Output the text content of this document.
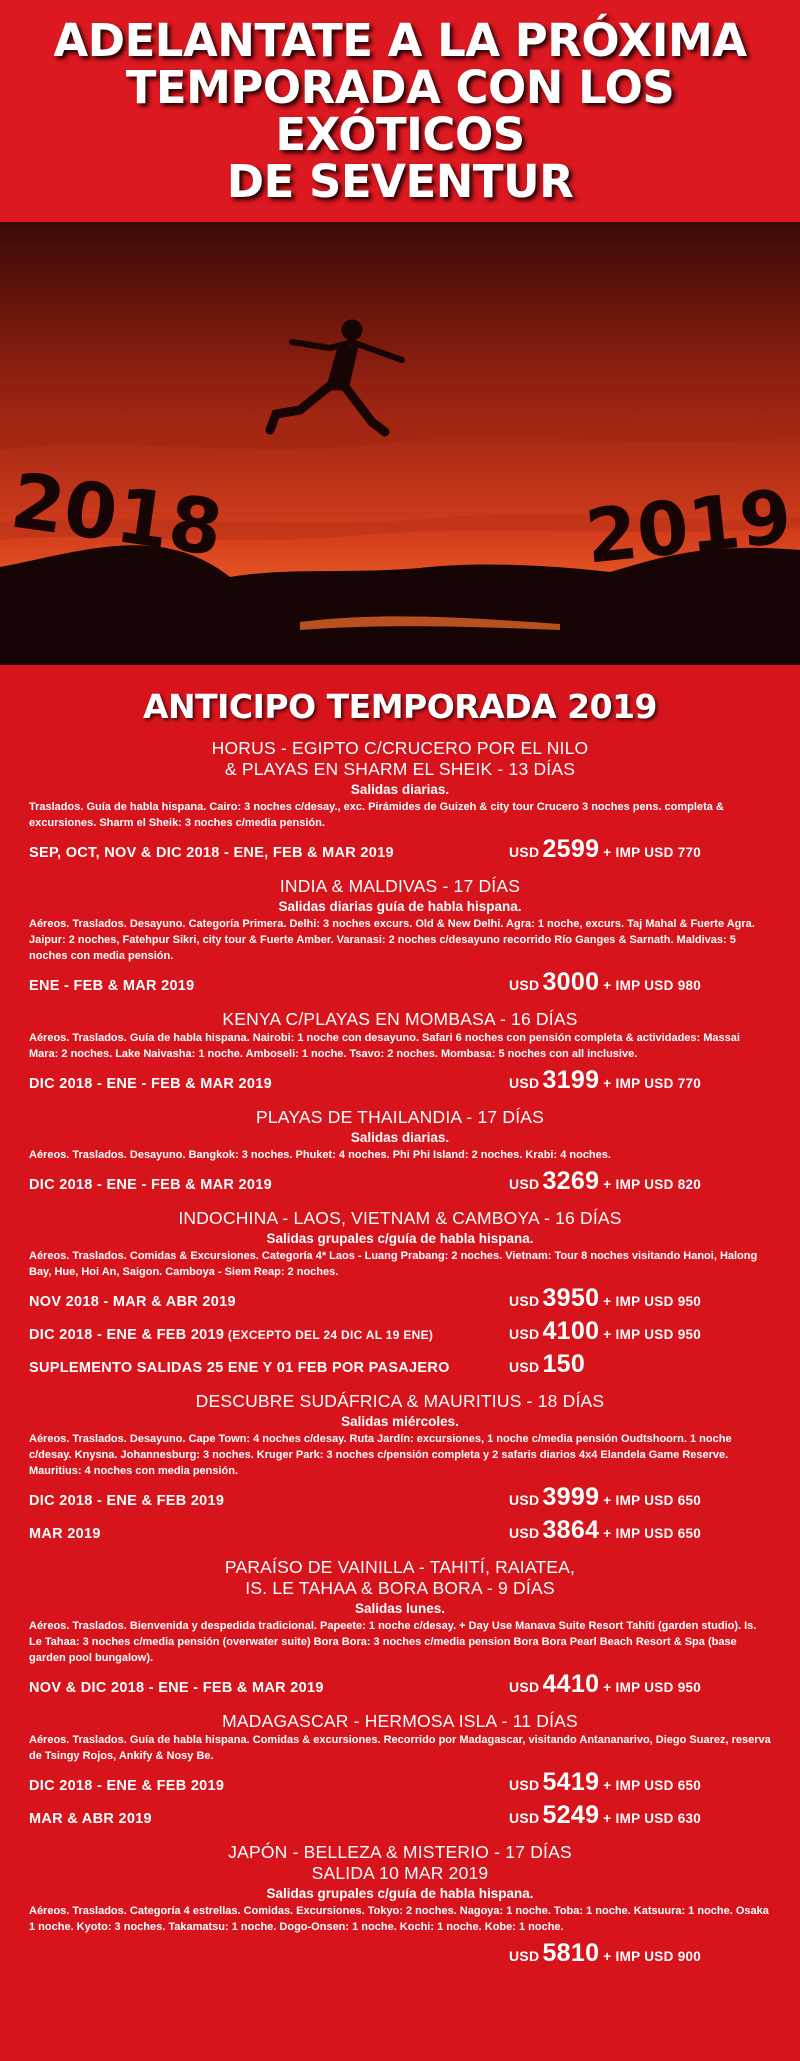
ADELANTATE A LA PRÓXIMA
TEMPORADA CON LOS EXÓTICOS
DE SEVENTUR
2018	2019
ANTICIPO TEMPORADA 2019
HORUS - EGIPTO C/CRUCERO POR EL NILO
& PLAYAS EN SHARM EL SHEIK - 13 DÍAS
Salidas diarias.
Traslados. Guía de habla hispana. Cairo: 3 noches c/desay., exc. Pirámides de Guizeh & city tour Crucero 3 noches pens. completa & excursiones. Sharm el Sheik: 3 noches c/media pensión.
SEP, OCT, NOV & DIC 2018 - ENE, FEB & MAR 2019	USD 2599 + IMP USD 770
INDIA & MALDIVAS - 17 DÍAS
Salidas diarias guía de habla hispana.
Aéreos. Traslados. Desayuno. Categoría Primera. Delhi: 3 noches excurs. Old & New Delhi. Agra: 1 noche, excurs. Taj Mahal & Fuerte Agra. Jaipur: 2 noches, Fatehpur Sikri, city tour & Fuerte Amber. Varanasi: 2 noches c/desayuno recorrido Río Ganges & Sarnath. Maldivas: 5 noches con media pensión.
ENE - FEB & MAR 2019	USD 3000 + IMP USD 980
KENYA C/PLAYAS EN MOMBASA - 16 DÍAS
Aéreos. Traslados. Guía de habla hispana. Nairobi: 1 noche con desayuno. Safari 6 noches con pensión completa & actividades: Massai Mara: 2 noches. Lake Naivasha: 1 noche. Amboseli: 1 noche. Tsavo: 2 noches. Mombasa: 5 noches con all inclusive.
DIC 2018 - ENE - FEB & MAR 2019	USD 3199 + IMP USD 770
PLAYAS DE THAILANDIA - 17 DÍAS
Salidas diarias.
Aéreos. Traslados. Desayuno. Bangkok: 3 noches. Phuket: 4 noches. Phi Phi Island: 2 noches. Krabi: 4 noches.
DIC 2018 - ENE - FEB & MAR 2019	USD 3269 + IMP USD 820
INDOCHINA - LAOS, VIETNAM & CAMBOYA - 16 DÍAS
Salidas grupales c/guía de habla hispana.
Aéreos. Traslados. Comidas & Excursiones. Categoría 4* Laos - Luang Prabang: 2 noches. Vietnam: Tour 8 noches visitando Hanoi, Halong Bay, Hue, Hoi An, Saigon. Camboya - Siem Reap: 2 noches.
NOV 2018 - MAR & ABR 2019	USD 3950 + IMP USD 950
DIC 2018 - ENE & FEB 2019 (EXCEPTO DEL 24 DIC AL 19 ENE)	USD 4100 + IMP USD 950
SUPLEMENTO SALIDAS 25 ENE Y 01 FEB POR PASAJERO	USD 150
DESCUBRE SUDÁFRICA & MAURITIUS - 18 DÍAS
Salidas miércoles.
Aéreos. Traslados. Desayuno. Cape Town: 4 noches c/desay. Ruta Jardín: excursiones, 1 noche c/media pensión Oudtshoorn. 1 noche c/desay. Knysna. Johannesburg: 3 noches. Kruger Park: 3 noches c/pensión completa y 2 safaris diarios 4x4 Elandela Game Reserve. Mauritius: 4 noches con media pensión.
DIC 2018 - ENE & FEB 2019	USD 3999 + IMP USD 650
MAR 2019	USD 3864 + IMP USD 650
PARAÍSO DE VAINILLA - TAHITÍ, RAIATEA,
IS. LE TAHAA & BORA BORA - 9 DÍAS
Salidas lunes.
Aéreos. Traslados. Bienvenida y despedida tradicional. Papeete: 1 noche c/desay. + Day Use Manava Suite Resort Tahiti (garden studio). Is. Le Tahaa: 3 noches c/media pensión (overwater suite) Bora Bora: 3 noches c/media pension Bora Bora Pearl Beach Resort & Spa (base garden pool bungalow).
NOV & DIC 2018 - ENE - FEB & MAR 2019	USD 4410 + IMP USD 950
MADAGASCAR - HERMOSA ISLA - 11 DÍAS
Aéreos. Traslados. Guía de habla hispana. Comidas & excursiones. Recorrido por Madagascar, visitando Antananarivo, Diego Suarez, reserva de Tsingy Rojos, Ankify & Nosy Be.
DIC 2018 - ENE & FEB 2019	USD 5419 + IMP USD 650
MAR & ABR 2019	USD 5249 + IMP USD 630
JAPÓN - BELLEZA & MISTERIO - 17 DÍAS
SALIDA 10 MAR 2019
Salidas grupales c/guía de habla hispana.
Aéreos. Traslados. Categoría 4 estrellas. Comidas. Excursiones. Tokyo: 2 noches. Nagoya: 1 noche. Toba: 1 noche. Katsuura: 1 noche. Osaka 1 noche. Kyoto: 3 noches. Takamatsu: 1 noche. Dogo-Onsen: 1 noche. Kochi: 1 noche. Kobe: 1 noche.
USD 5810 + IMP USD 900
